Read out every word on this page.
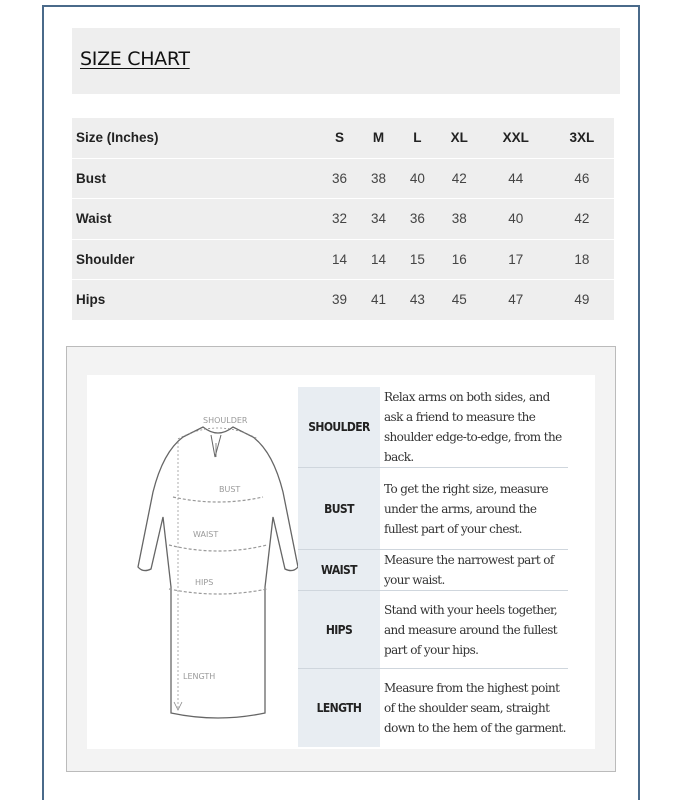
SIZE CHART
Size (Inches)	S	M	L	XL	XXL	3XL
Bust	36	38	40	42	44	46
Waist	32	34	36	38	40	42
Shoulder	14	14	15	16	17	18
Hips	39	41	43	45	47	49
SHOULDER
BUST
WAIST
HIPS
LENGTH
SHOULDER	Relax arms on both sides, and ask a friend to measure the shoulder edge-to-edge, from the back.
BUST	To get the right size, measure under the arms, around the fullest part of your chest.
WAIST	Measure the narrowest part of your waist.
HIPS	Stand with your heels together, and measure around the fullest part of your hips.
LENGTH	Measure from the highest point of the shoulder seam, straight down to the hem of the garment.
